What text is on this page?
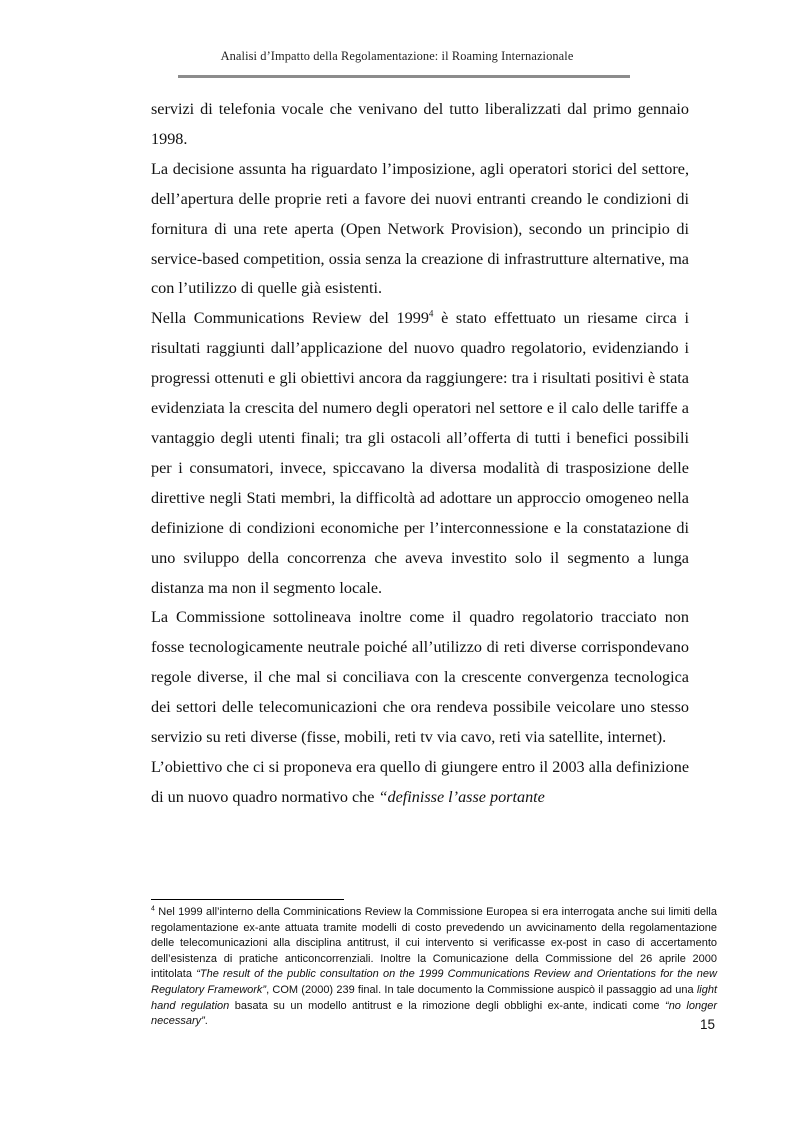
Analisi d’Impatto della Regolamentazione: il Roaming Internazionale

servizi di telefonia vocale che venivano del tutto liberalizzati dal primo gennaio 1998.

La decisione assunta ha riguardato l’imposizione, agli operatori storici del settore, dell’apertura delle proprie reti a favore dei nuovi entranti creando le condizioni di fornitura di una rete aperta (Open Network Provision), secondo un principio di service-based competition, ossia senza la creazione di infrastrutture alternative, ma con l’utilizzo di quelle già esistenti.

Nella Communications Review del 1999$^4$ è stato effettuato un riesame circa i risultati raggiunti dall’applicazione del nuovo quadro regolatorio, evidenziando i progressi ottenuti e gli obiettivi ancora da raggiungere: tra i risultati positivi è stata evidenziata la crescita del numero degli operatori nel settore e il calo delle tariffe a vantaggio degli utenti finali; tra gli ostacoli all’offerta di tutti i benefici possibili per i consumatori, invece, spiccavano la diversa modalità di trasposizione delle direttive negli Stati membri, la difficoltà ad adottare un approccio omogeneo nella definizione di condizioni economiche per l’interconnessione e la constatazione di uno sviluppo della concorrenza che aveva investito solo il segmento a lunga distanza ma non il segmento locale.

La Commissione sottolineava inoltre come il quadro regolatorio tracciato non fosse tecnologicamente neutrale poiché all’utilizzo di reti diverse corrispondevano regole diverse, il che mal si conciliava con la crescente convergenza tecnologica dei settori delle telecomunicazioni che ora rendeva possibile veicolare uno stesso servizio su reti diverse (fisse, mobili, reti tv via cavo, reti via satellite, internet).

L’obiettivo che ci si proponeva era quello di giungere entro il 2003 alla definizione di un nuovo quadro normativo che “definisse l’asse portante

$^4$ Nel 1999 all’interno della Comminications Review la Commissione Europea si era interrogata anche sui limiti della regolamentazione ex-ante attuata tramite modelli di costo prevedendo un avvicinamento della regolamentazione delle telecomunicazioni alla disciplina antitrust, il cui intervento si verificasse ex-post in caso di accertamento dell’esistenza di pratiche anticoncorrenziali. Inoltre la Comunicazione della Commissione del 26 aprile 2000 intitolata “The result of the public consultation on the 1999 Communications Review and Orientations for the new Regulatory Framework”, COM (2000) 239 final. In tale documento la Commissione auspicò il passaggio ad una light hand regulation basata su un modello antitrust e la rimozione degli obblighi ex-ante, indicati come “no longer necessary”.	15
